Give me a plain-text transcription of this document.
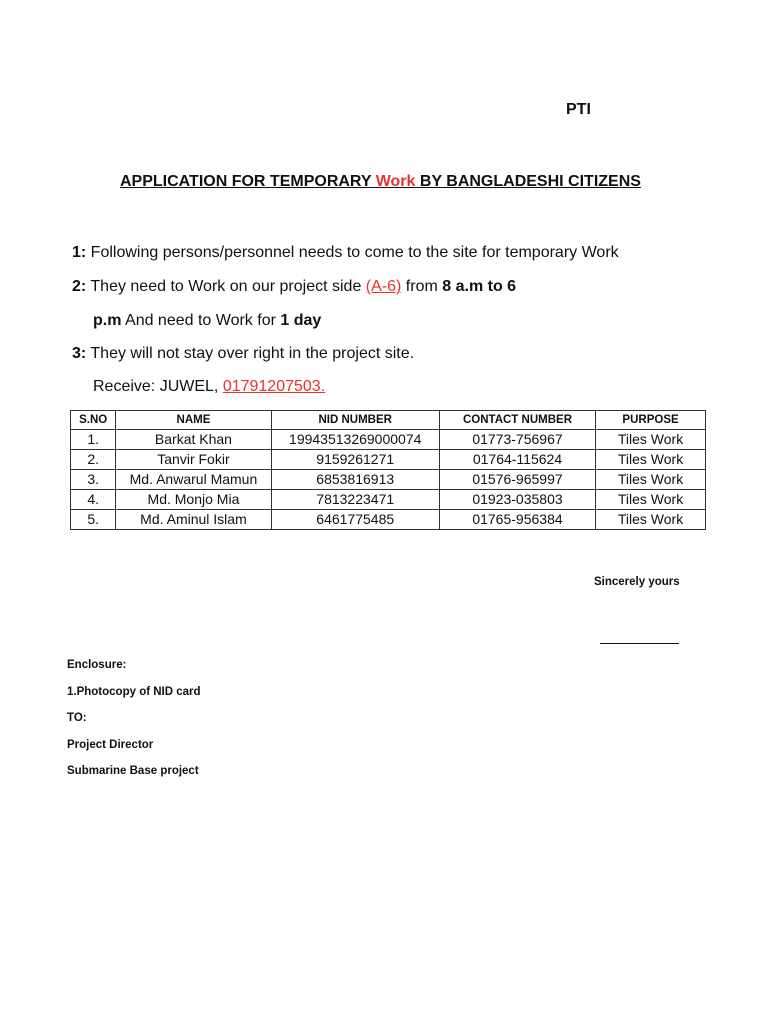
PTI
APPLICATION FOR TEMPORARY Work BY BANGLADESHI CITIZENS
1: Following persons/personnel needs to come to the site for temporary Work
2: They need to Work on our project side (A-6) from 8 a.m to 6
p.m And need to Work for 1 day
3: They will not stay over right in the project site.
Receive: JUWEL, 01791207503.
S.NO	NAME	NID NUMBER	CONTACT NUMBER	PURPOSE
1.	Barkat Khan	19943513269000074	01773-756967	Tiles Work
2.	Tanvir Fokir	9159261271	01764-115624	Tiles Work
3.	Md. Anwarul Mamun	6853816913	01576-965997	Tiles Work
4.	Md. Monjo Mia	7813223471	01923-035803	Tiles Work
5.	Md. Aminul Islam	6461775485	01765-956384	Tiles Work
Sincerely yours
Enclosure:
1.Photocopy of NID card
TO:
Project Director
Submarine Base project
